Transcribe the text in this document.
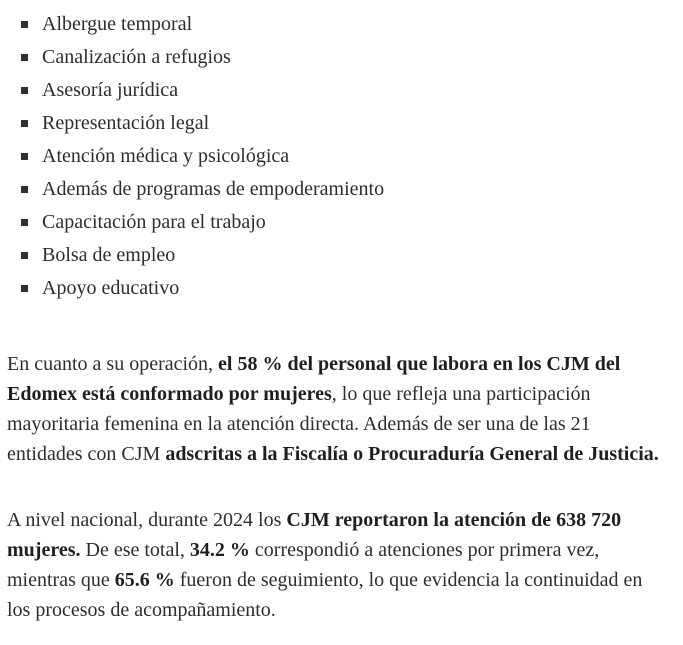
Albergue temporal
Canalización a refugios
Asesoría jurídica
Representación legal
Atención médica y psicológica
Además de programas de empoderamiento
Capacitación para el trabajo
Bolsa de empleo
Apoyo educativo

En cuanto a su operación, el 58 % del personal que labora en los CJM del Edomex está conformado por mujeres, lo que refleja una participación mayoritaria femenina en la atención directa. Además de ser una de las 21 entidades con CJM adscritas a la Fiscalía o Procuraduría General de Justicia.

A nivel nacional, durante 2024 los CJM reportaron la atención de 638 720 mujeres. De ese total, 34.2 % correspondió a atenciones por primera vez, mientras que 65.6 % fueron de seguimiento, lo que evidencia la continuidad en los procesos de acompañamiento.
